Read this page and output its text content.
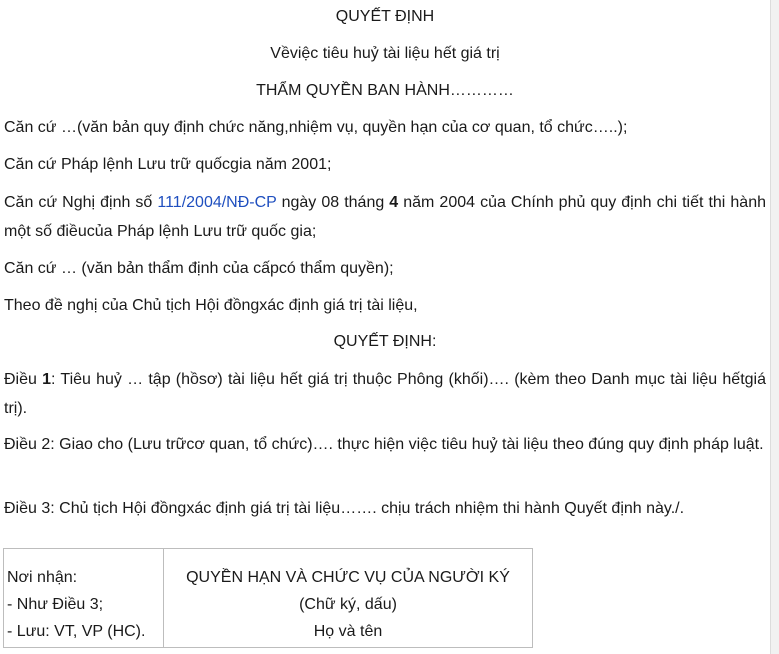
QUYẾT ĐỊNH
Vềviệc tiêu huỷ tài liệu hết giá trị
THẨM QUYỀN BAN HÀNH…………
Căn cứ …(văn bản quy định chức năng,nhiệm vụ, quyền hạn của cơ quan, tổ chức…..);
Căn cứ Pháp lệnh Lưu trữ quốcgia năm 2001;
Căn cứ Nghị định số 111/2004/NĐ-CP ngày 08 tháng 4 năm 2004 của Chính phủ quy định chi tiết thi hành một số điềucủa Pháp lệnh Lưu trữ quốc gia;
Căn cứ … (văn bản thẩm định của cấpcó thẩm quyền);
Theo đề nghị của Chủ tịch Hội đồngxác định giá trị tài liệu,
QUYẾT ĐỊNH:
Điều 1: Tiêu huỷ … tập (hồsơ) tài liệu hết giá trị thuộc Phông (khối)…. (kèm theo Danh mục tài liệu hếtgiá trị).
Điều 2: Giao cho (Lưu trữcơ quan, tổ chức)…. thực hiện việc tiêu huỷ tài liệu theo đúng quy định pháp luật.
Điều 3: Chủ tịch Hội đồngxác định giá trị tài liệu……. chịu trách nhiệm thi hành Quyết định này./.
Nơi nhận:
- Như Điều 3;
- Lưu: VT, VP (HC).
QUYỀN HẠN VÀ CHỨC VỤ CỦA NGƯỜI KÝ
(Chữ ký, dấu)
Họ và tên
